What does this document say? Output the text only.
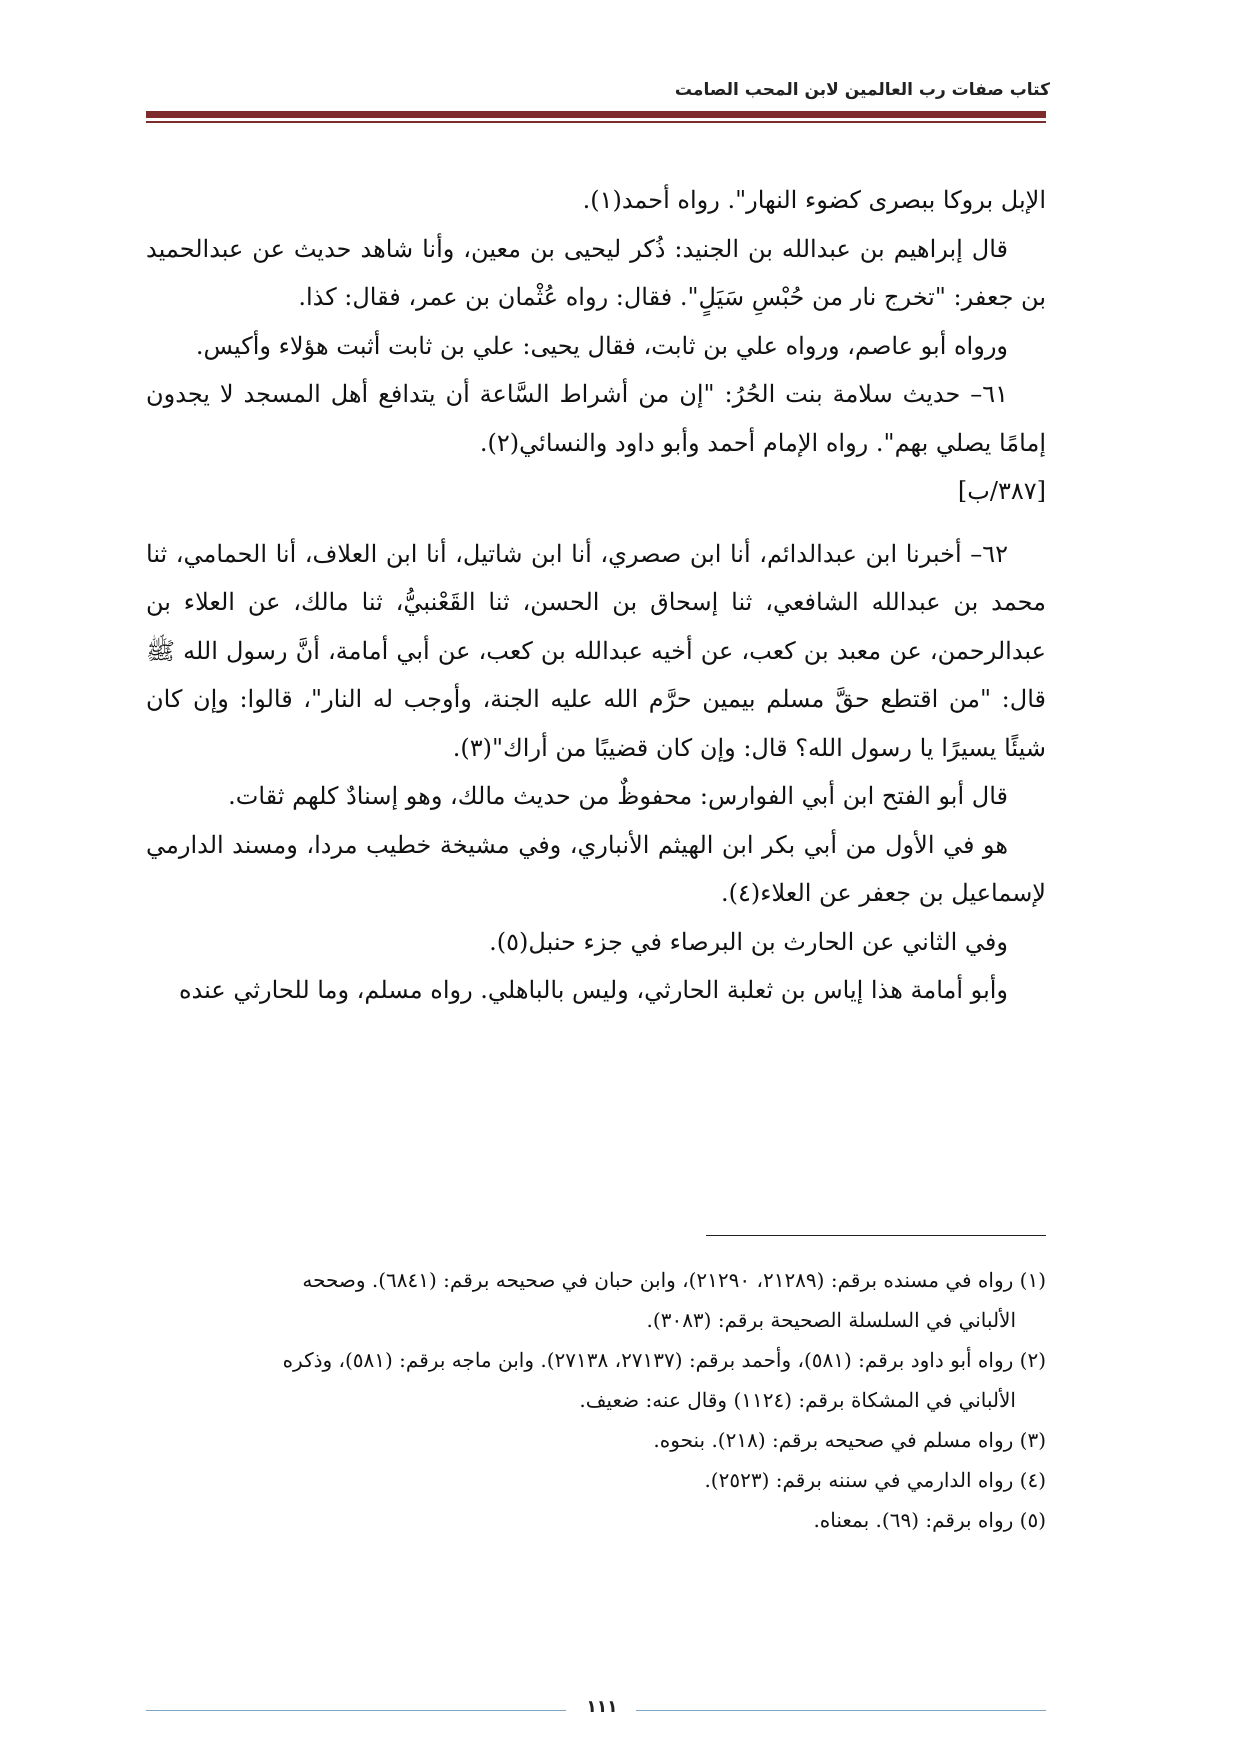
كتاب صفات رب العالمين لابن المحب الصامت

الإبل بروكا ببصرى كضوء النهار". رواه أحمد(١).

قال إبراهيم بن عبدالله بن الجنيد: ذُكر ليحيى بن معين، وأنا شاهد حديث عن عبدالحميد بن جعفر: "تخرج نار من حُبْسِ سَيَلٍ". فقال: رواه عُثْمان بن عمر، فقال: كذا.

ورواه أبو عاصم، ورواه علي بن ثابت، فقال يحيى: علي بن ثابت أثبت هؤلاء وأكيس.

٦١– حديث سلامة بنت الحُرُ: "إن من أشراط السَّاعة أن يتدافع أهل المسجد لا يجدون إمامًا يصلي بهم". رواه الإمام أحمد وأبو داود والنسائي(٢).

[٣٨٧/ب]

٦٢– أخبرنا ابن عبدالدائم، أنا ابن صصري، أنا ابن شاتيل، أنا ابن العلاف، أنا الحمامي، ثنا محمد بن عبدالله الشافعي، ثنا إسحاق بن الحسن، ثنا القَعْنبيُّ، ثنا مالك، عن العلاء بن عبدالرحمن، عن معبد بن كعب، عن أخيه عبدالله بن كعب، عن أبي أمامة، أنَّ رسول الله ﷺ قال: "من اقتطع حقَّ مسلم بيمين حرَّم الله عليه الجنة، وأوجب له النار"، قالوا: وإن كان شيئًا يسيرًا يا رسول الله؟ قال: وإن كان قضيبًا من أراك"(٣).

قال أبو الفتح ابن أبي الفوارس: محفوظٌ من حديث مالك، وهو إسنادٌ كلهم ثقات.

هو في الأول من أبي بكر ابن الهيثم الأنباري، وفي مشيخة خطيب مردا، ومسند الدارمي لإسماعيل بن جعفر عن العلاء(٤).

وفي الثاني عن الحارث بن البرصاء في جزء حنبل(٥).

وأبو أمامة هذا إياس بن ثعلبة الحارثي، وليس بالباهلي. رواه مسلم، وما للحارثي عنده

(١) رواه في مسنده برقم: (٢١٢٨٩، ٢١٢٩٠)، وابن حبان في صحيحه برقم: (٦٨٤١). وصححه

الألباني في السلسلة الصحيحة برقم: (٣٠٨٣).

(٢) رواه أبو داود برقم: (٥٨١)، وأحمد برقم: (٢٧١٣٧، ٢٧١٣٨). وابن ماجه برقم: (٥٨١)، وذكره

الألباني في المشكاة برقم: (١١٢٤) وقال عنه: ضعيف.

(٣) رواه مسلم في صحيحه برقم: (٢١٨). بنحوه.

(٤) رواه الدارمي في سننه برقم: (٢٥٢٣).

(٥) رواه برقم: (٦٩). بمعناه.

١١١
